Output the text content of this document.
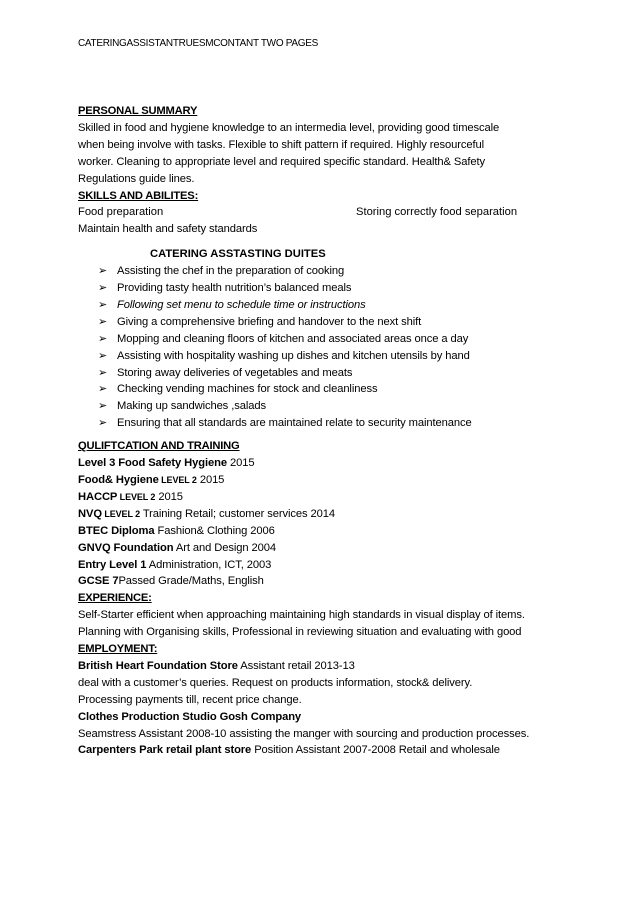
CATERINGASSISTANTRUESMCONTANT TWO PAGES
PERSONAL SUMMARY
Skilled in food and hygiene knowledge to an intermedia level, providing good timescale
when being involve with tasks. Flexible to shift pattern if required. Highly resourceful
worker. Cleaning to appropriate level and required specific standard. Health& Safety
Regulations guide lines.
SKILLS AND ABILITES:
Food preparation	Storing correctly food separation
Maintain health and safety standards
CATERING ASSTASTING DUITES
➢ Assisting the chef in the preparation of cooking
➢ Providing tasty health nutrition’s balanced meals
➢ Following set menu to schedule time or instructions
➢ Giving a comprehensive briefing and handover to the next shift
➢ Mopping and cleaning floors of kitchen and associated areas once a day
➢ Assisting with hospitality washing up dishes and kitchen utensils by hand
➢ Storing away deliveries of vegetables and meats
➢ Checking vending machines for stock and cleanliness
➢ Making up sandwiches ,salads
➢ Ensuring that all standards are maintained relate to security maintenance
QULIFTCATION AND TRAINING
Level 3 Food Safety Hygiene 2015
Food& Hygiene LEVEL 2 2015
HACCP LEVEL 2 2015
NVQ LEVEL 2 Training Retail; customer services 2014
BTEC Diploma Fashion& Clothing 2006
GNVQ Foundation Art and Design 2004
Entry Level 1 Administration, ICT, 2003
GCSE 7Passed Grade/Maths, English
EXPERIENCE:
Self-Starter efficient when approaching maintaining high standards in visual display of items.
Planning with Organising skills, Professional in reviewing situation and evaluating with good
EMPLOYMENT:
British Heart Foundation Store Assistant retail 2013-13
deal with a customer’s queries. Request on products information, stock& delivery.
Processing payments till, recent price change.
Clothes Production Studio Gosh Company
Seamstress Assistant 2008-10 assisting the manger with sourcing and production processes.
Carpenters Park retail plant store Position Assistant 2007-2008 Retail and wholesale
